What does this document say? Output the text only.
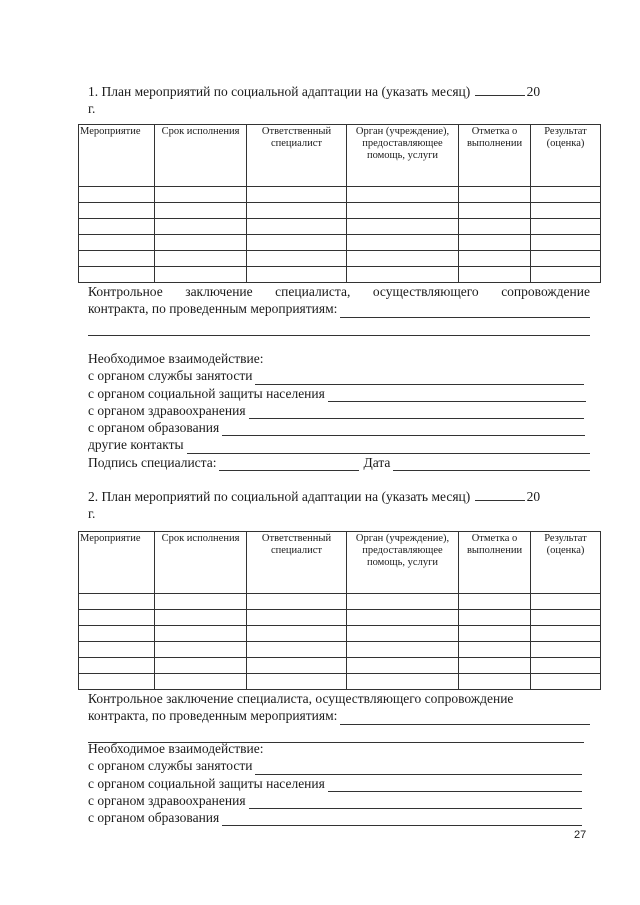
1. План мероприятий по социальной адаптации на (указать месяц)	20
г.
Мероприятие	Срок исполнения	Ответственный специалист	Орган (учреждение), предоставляющее помощь, услуги	Отметка о выполнении	Результат (оценка)

Контрольное заключение специалиста, осуществляющего сопровождение
контракта, по проведенным мероприятиям:
Необходимое взаимодействие:
с органом службы занятости
с органом социальной защиты населения
с органом здравоохранения
с органом образования
другие контакты
Подпись специалиста:	Дата
2. План мероприятий по социальной адаптации на (указать месяц)	20
г.
Мероприятие	Срок исполнения	Ответственный специалист	Орган (учреждение), предоставляющее помощь, услуги	Отметка о выполнении	Результат (оценка)

Контрольное заключение специалиста, осуществляющего сопровождение
контракта, по проведенным мероприятиям:
Необходимое взаимодействие:
с органом службы занятости
с органом социальной защиты населения
с органом здравоохранения
с органом образования
27
